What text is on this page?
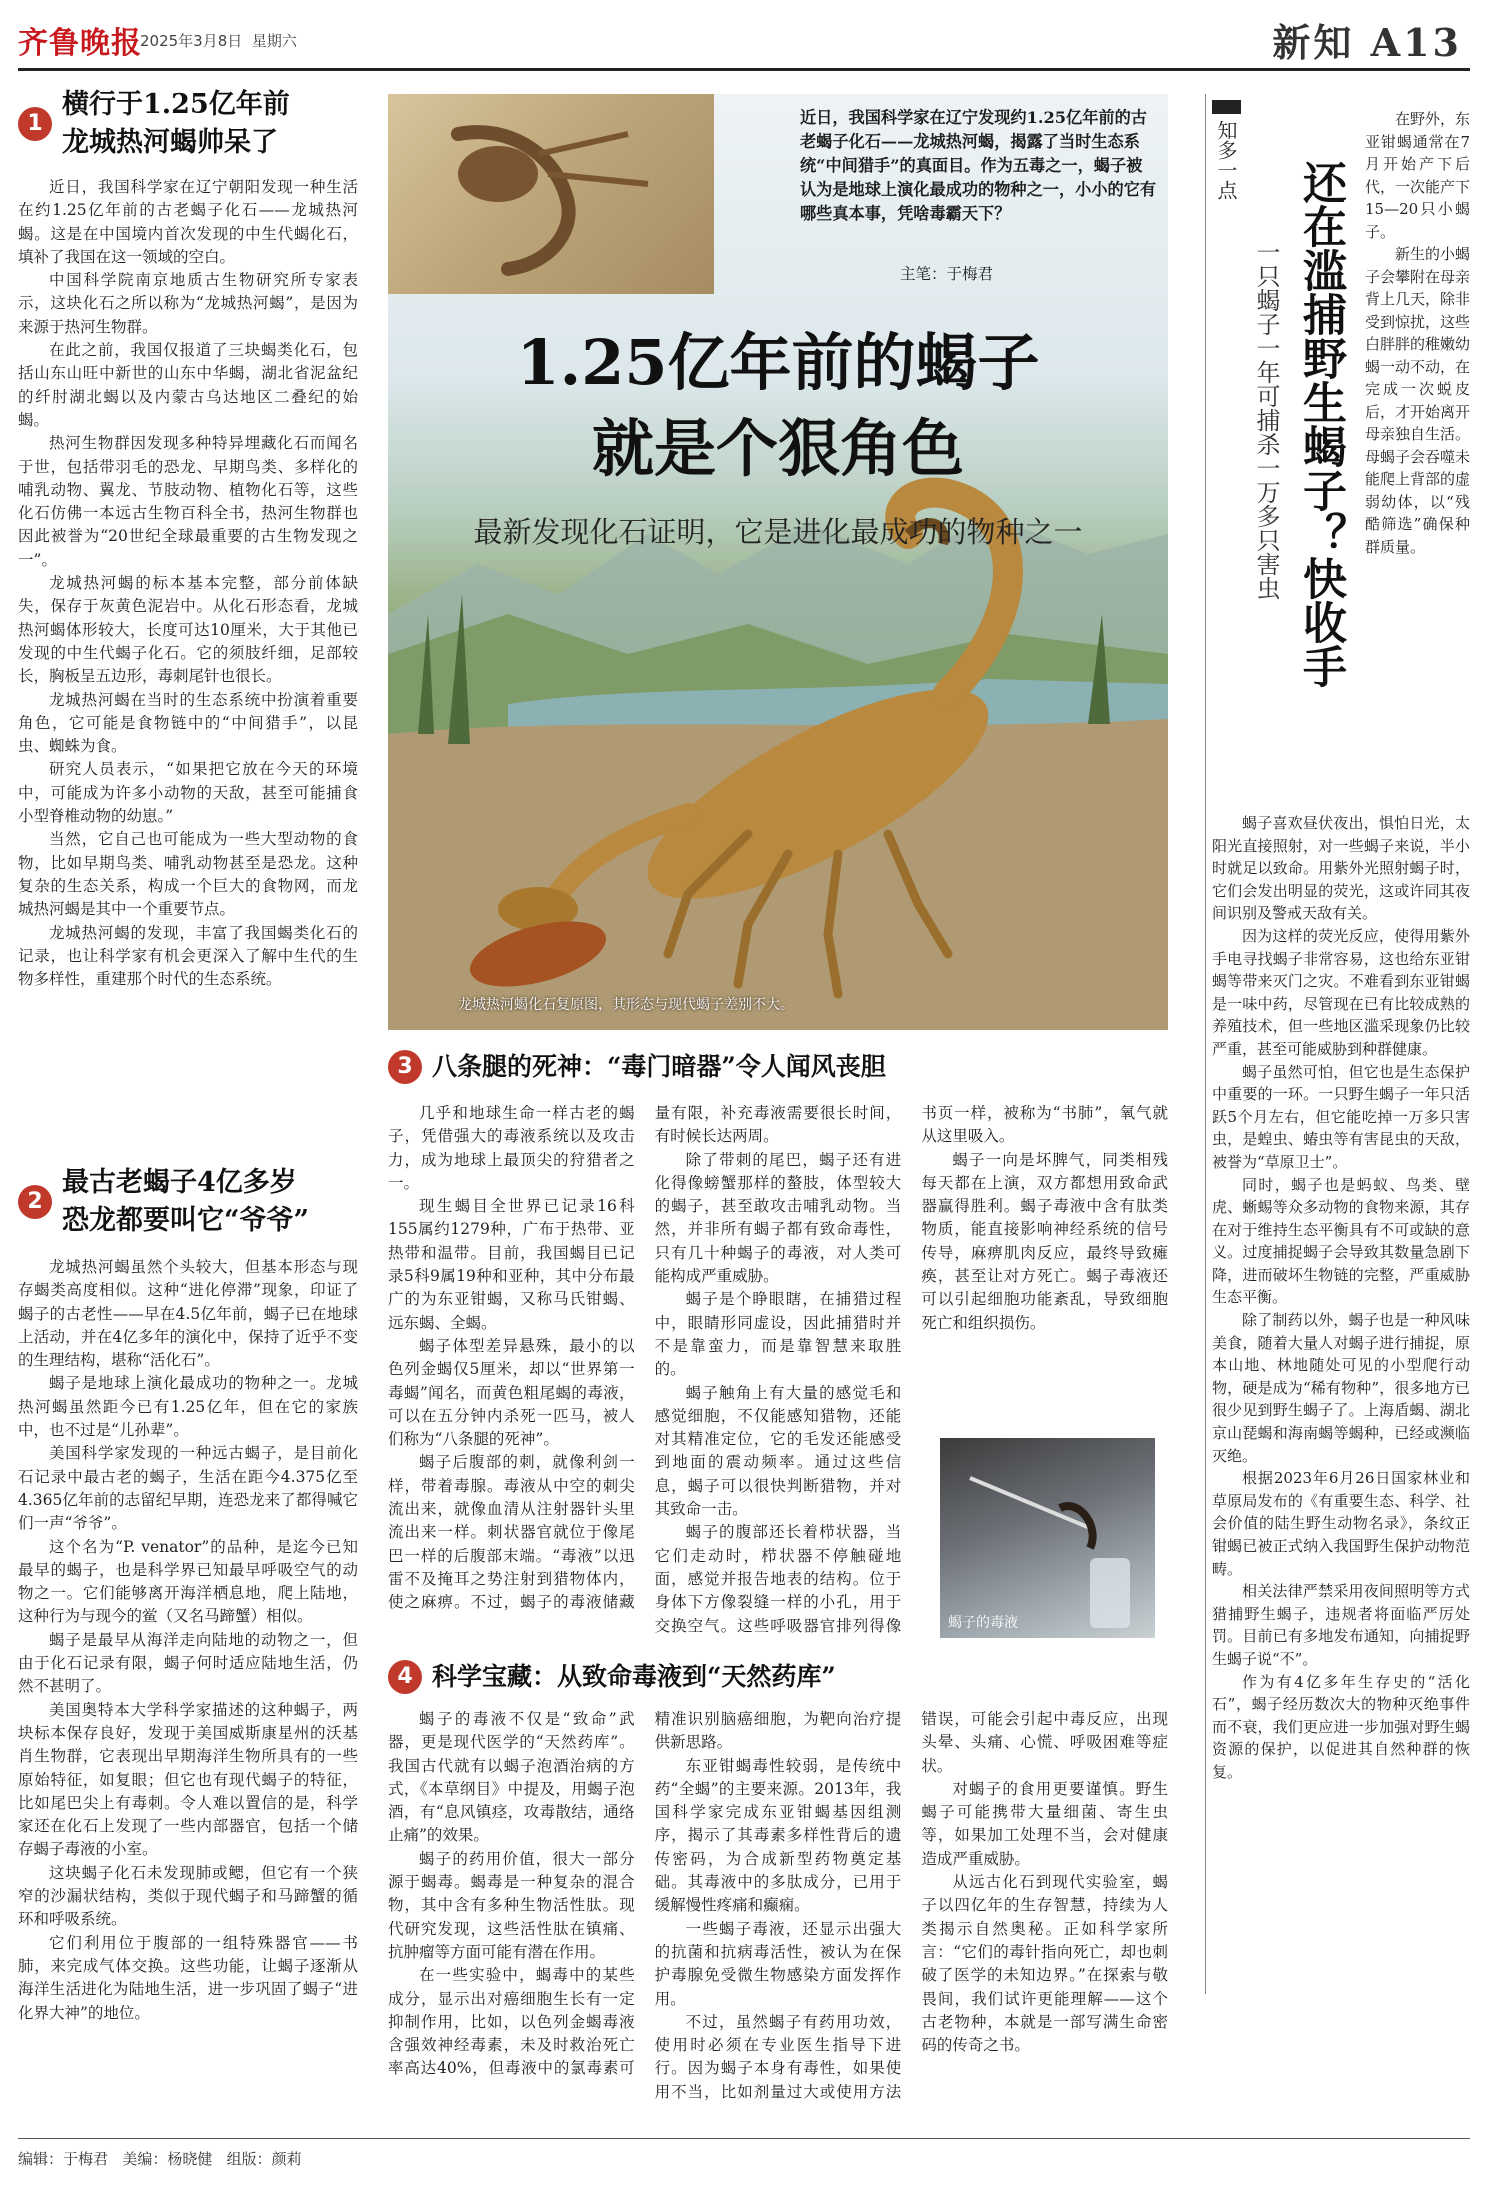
齐鲁晚报
2025年3月8日 星期六	新知 A13
1
横行于1.25亿年前
龙城热河蝎帅呆了

近日，我国科学家在辽宁朝阳发现一种生活在约1.25亿年前的古老蝎子化石——龙城热河蝎。这是在中国境内首次发现的中生代蝎化石，填补了我国在这一领域的空白。

中国科学院南京地质古生物研究所专家表示，这块化石之所以称为“龙城热河蝎”，是因为来源于热河生物群。

在此之前，我国仅报道了三块蝎类化石，包括山东山旺中新世的山东中华蝎，湖北省泥盆纪的纤肘湖北蝎以及内蒙古乌达地区二叠纪的始蝎。

热河生物群因发现多种特异埋藏化石而闻名于世，包括带羽毛的恐龙、早期鸟类、多样化的哺乳动物、翼龙、节肢动物、植物化石等，这些化石仿佛一本远古生物百科全书，热河生物群也因此被誉为“20世纪全球最重要的古生物发现之一”。

龙城热河蝎的标本基本完整，部分前体缺失，保存于灰黄色泥岩中。从化石形态看，龙城热河蝎体形较大，长度可达10厘米，大于其他已发现的中生代蝎子化石。它的须肢纤细，足部较长，胸板呈五边形，毒刺尾针也很长。

龙城热河蝎在当时的生态系统中扮演着重要角色，它可能是食物链中的“中间猎手”，以昆虫、蜘蛛为食。

研究人员表示，“如果把它放在今天的环境中，可能成为许多小动物的天敌，甚至可能捕食小型脊椎动物的幼崽。”

当然，它自己也可能成为一些大型动物的食物，比如早期鸟类、哺乳动物甚至是恐龙。这种复杂的生态关系，构成一个巨大的食物网，而龙城热河蝎是其中一个重要节点。

龙城热河蝎的发现，丰富了我国蝎类化石的记录，也让科学家有机会更深入了解中生代的生物多样性，重建那个时代的生态系统。

2
最古老蝎子4亿多岁
恐龙都要叫它“爷爷”

龙城热河蝎虽然个头较大，但基本形态与现存蝎类高度相似。这种“进化停滞”现象，印证了蝎子的古老性——早在4.5亿年前，蝎子已在地球上活动，并在4亿多年的演化中，保持了近乎不变的生理结构，堪称“活化石”。

蝎子是地球上演化最成功的物种之一。龙城热河蝎虽然距今已有1.25亿年，但在它的家族中，也不过是“儿孙辈”。

美国科学家发现的一种远古蝎子，是目前化石记录中最古老的蝎子，生活在距今4.375亿至4.365亿年前的志留纪早期，连恐龙来了都得喊它们一声“爷爷”。

这个名为“P. venator”的品种，是迄今已知最早的蝎子，也是科学界已知最早呼吸空气的动物之一。它们能够离开海洋栖息地，爬上陆地，这种行为与现今的鲎（又名马蹄蟹）相似。

蝎子是最早从海洋走向陆地的动物之一，但由于化石记录有限，蝎子何时适应陆地生活，仍然不甚明了。

美国奥特本大学科学家描述的这种蝎子，两块标本保存良好，发现于美国威斯康星州的沃基肖生物群，它表现出早期海洋生物所具有的一些原始特征，如复眼；但它也有现代蝎子的特征，比如尾巴尖上有毒刺。令人难以置信的是，科学家还在化石上发现了一些内部器官，包括一个储存蝎子毒液的小室。

这块蝎子化石未发现肺或鳃，但它有一个狭窄的沙漏状结构，类似于现代蝎子和马蹄蟹的循环和呼吸系统。

它们利用位于腹部的一组特殊器官——书肺，来完成气体交换。这些功能，让蝎子逐渐从海洋生活进化为陆地生活，进一步巩固了蝎子“进化界大神”的地位。

近日，我国科学家在辽宁发现约1.25亿年前的古老蝎子化石——龙城热河蝎，揭露了当时生态系统“中间猎手”的真面目。作为五毒之一，蝎子被认为是地球上演化最成功的物种之一，小小的它有哪些真本事，凭啥毒霸天下？
主笔：于梅君
1.25亿年前的蝎子
就是个狠角色
最新发现化石证明，它是进化最成功的物种之一
龙城热河蝎化石复原图，其形态与现代蝎子差别不大。
3 八条腿的死神：“毒门暗器”令人闻风丧胆

几乎和地球生命一样古老的蝎子，凭借强大的毒液系统以及攻击力，成为地球上最顶尖的狩猎者之一。

现生蝎目全世界已记录16科155属约1279种，广布于热带、亚热带和温带。目前，我国蝎目已记录5科9属19种和亚种，其中分布最广的为东亚钳蝎，又称马氏钳蝎、远东蝎、全蝎。

蝎子体型差异悬殊，最小的以色列金蝎仅5厘米，却以“世界第一毒蝎”闻名，而黄色粗尾蝎的毒液，可以在五分钟内杀死一匹马，被人们称为“八条腿的死神”。

蝎子后腹部的刺，就像利剑一样，带着毒腺。毒液从中空的刺尖流出来，就像血清从注射器针头里流出来一样。刺状器官就位于像尾巴一样的后腹部末端。“毒液”以迅雷不及掩耳之势注射到猎物体内，使之麻痹。不过，蝎子的毒液储藏量有限，补充毒液需要很长时间，有时候长达两周。

除了带刺的尾巴，蝎子还有进化得像螃蟹那样的螯肢，体型较大的蝎子，甚至敢攻击哺乳动物。当然，并非所有蝎子都有致命毒性，只有几十种蝎子的毒液，对人类可能构成严重威胁。

蝎子是个睁眼瞎，在捕猎过程中，眼睛形同虚设，因此捕猎时并不是靠蛮力，而是靠智慧来取胜的。

蝎子触角上有大量的感觉毛和感觉细胞，不仅能感知猎物，还能对其精准定位，它的毛发还能感受到地面的震动频率。通过这些信息，蝎子可以很快判断猎物，并对其致命一击。

蝎子的腹部还长着栉状器，当它们走动时，栉状器不停触碰地面，感觉并报告地表的结构。位于身体下方像裂缝一样的小孔，用于交换空气。这些呼吸器官排列得像书页一样，被称为“书肺”，氧气就从这里吸入。

蝎子一向是坏脾气，同类相残每天都在上演，双方都想用致命武器赢得胜利。蝎子毒液中含有肽类物质，能直接影响神经系统的信号传导，麻痹肌肉反应，最终导致瘫痪，甚至让对方死亡。蝎子毒液还可以引起细胞功能紊乱，导致细胞死亡和组织损伤。

蝎子的毒液
4 科学宝藏：从致命毒液到“天然药库”

蝎子的毒液不仅是“致命”武器，更是现代医学的“天然药库”。我国古代就有以蝎子泡酒治病的方式，《本草纲目》中提及，用蝎子泡酒，有“息风镇痉，攻毒散结，通络止痛”的效果。

蝎子的药用价值，很大一部分源于蝎毒。蝎毒是一种复杂的混合物，其中含有多种生物活性肽。现代研究发现，这些活性肽在镇痛、抗肿瘤等方面可能有潜在作用。

在一些实验中，蝎毒中的某些成分，显示出对癌细胞生长有一定抑制作用，比如，以色列金蝎毒液含强效神经毒素，未及时救治死亡率高达40%，但毒液中的氯毒素可精准识别脑癌细胞，为靶向治疗提供新思路。

东亚钳蝎毒性较弱，是传统中药“全蝎”的主要来源。2013年，我国科学家完成东亚钳蝎基因组测序，揭示了其毒素多样性背后的遗传密码，为合成新型药物奠定基础。其毒液中的多肽成分，已用于缓解慢性疼痛和癫痫。

一些蝎子毒液，还显示出强大的抗菌和抗病毒活性，被认为在保护毒腺免受微生物感染方面发挥作用。

不过，虽然蝎子有药用功效，使用时必须在专业医生指导下进行。因为蝎子本身有毒性，如果使用不当，比如剂量过大或使用方法错误，可能会引起中毒反应，出现头晕、头痛、心慌、呼吸困难等症状。

对蝎子的食用更要谨慎。野生蝎子可能携带大量细菌、寄生虫等，如果加工处理不当，会对健康造成严重威胁。

从远古化石到现代实验室，蝎子以四亿年的生存智慧，持续为人类揭示自然奥秘。正如科学家所言：“它们的毒针指向死亡，却也刺破了医学的未知边界。”在探索与敬畏间，我们试许更能理解——这个古老物种，本就是一部写满生命密码的传奇之书。

知多一点 还在滥捕野生蝎子？快收手
一只蝎子一年可捕杀一万多只害虫

在野外，东亚钳蝎通常在7月开始产下后代，一次能产下15—20只小蝎子。

新生的小蝎子会攀附在母亲背上几天，除非受到惊扰，这些白胖胖的稚嫩幼蝎一动不动，在完成一次蜕皮后，才开始离开母亲独自生活。母蝎子会吞噬未能爬上背部的虚弱幼体，以“残酷筛选”确保种群质量。

蝎子喜欢昼伏夜出，惧怕日光，太阳光直接照射，对一些蝎子来说，半小时就足以致命。用紫外光照射蝎子时，它们会发出明显的荧光，这或许同其夜间识别及警戒天敌有关。

因为这样的荧光反应，使得用紫外手电寻找蝎子非常容易，这也给东亚钳蝎等带来灭门之灾。不难看到东亚钳蝎是一味中药，尽管现在已有比较成熟的养殖技术，但一些地区滥采现象仍比较严重，甚至可能威胁到种群健康。

蝎子虽然可怕，但它也是生态保护中重要的一环。一只野生蝎子一年只活跃5个月左右，但它能吃掉一万多只害虫，是蝗虫、蝽虫等有害昆虫的天敌，被誉为“草原卫士”。

同时，蝎子也是蚂蚁、鸟类、壁虎、蜥蜴等众多动物的食物来源，其存在对于维持生态平衡具有不可或缺的意义。过度捕捉蝎子会导致其数量急剧下降，进而破坏生物链的完整，严重威胁生态平衡。

除了制药以外，蝎子也是一种风味美食，随着大量人对蝎子进行捕捉，原本山地、林地随处可见的小型爬行动物，硬是成为“稀有物种”，很多地方已很少见到野生蝎子了。上海盾蝎、湖北京山琵蝎和海南蝎等蝎种，已经或濒临灭绝。

根据2023年6月26日国家林业和草原局发布的《有重要生态、科学、社会价值的陆生野生动物名录》，条纹正钳蝎已被正式纳入我国野生保护动物范畴。

相关法律严禁采用夜间照明等方式猎捕野生蝎子，违规者将面临严厉处罚。目前已有多地发布通知，向捕捉野生蝎子说“不”。

作为有4亿多年生存史的“活化石”，蝎子经历数次大的物种灭绝事件而不衰，我们更应进一步加强对野生蝎资源的保护，以促进其自然种群的恢复。

编辑：于梅君 美编：杨晓健 组版：颜莉
